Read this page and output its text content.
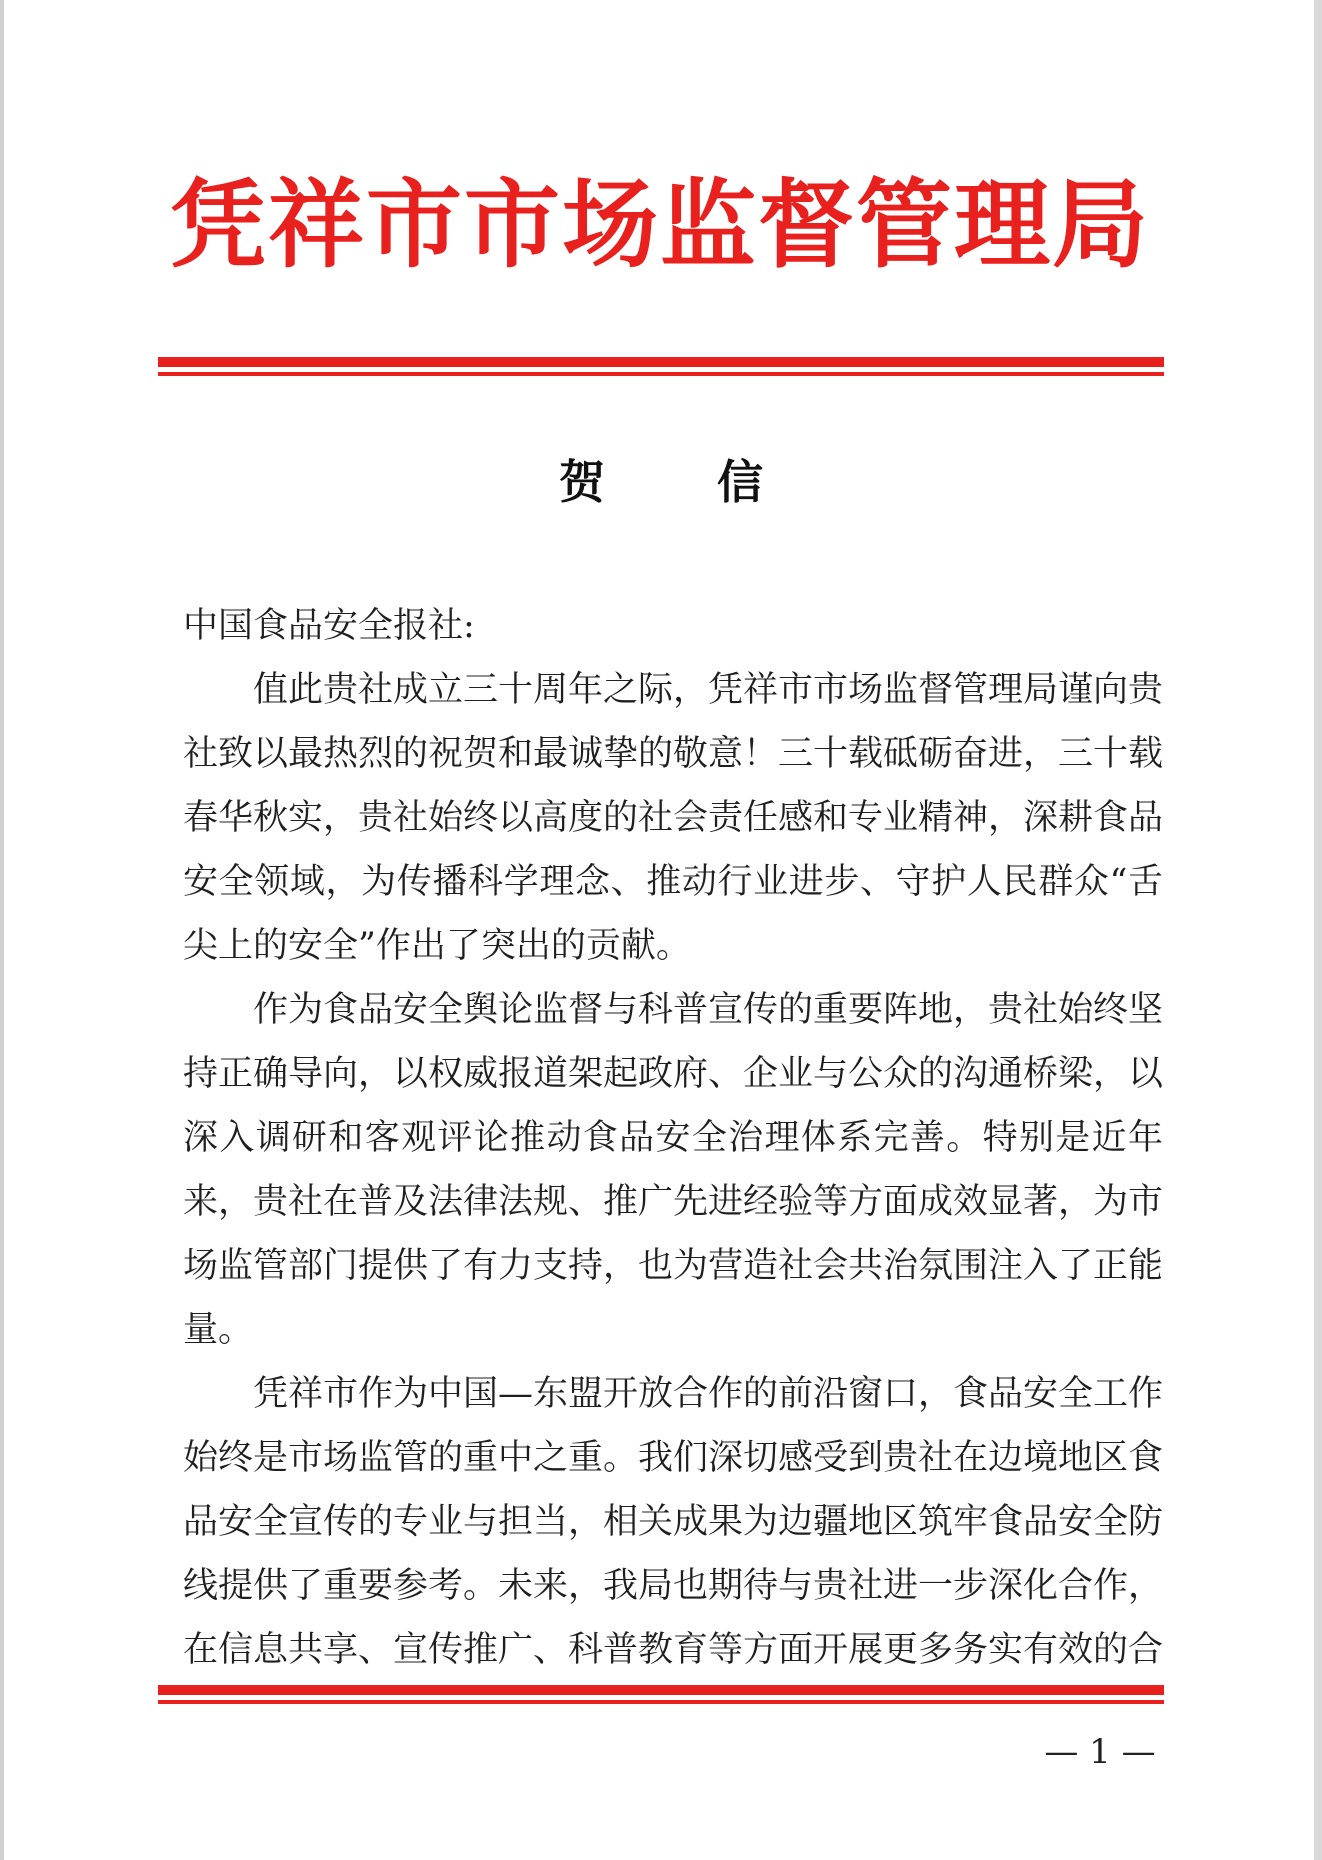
凭祥市市场监督管理局
贺 信

中国食品安全报社:

值此贵社成立三十周年之际，凭祥市市场监督管理局谨向贵社致以最热烈的祝贺和最诚挚的敬意！三十载砥砺奋进，三十载春华秋实，贵社始终以高度的社会责任感和专业精神，深耕食品安全领域，为传播科学理念、推动行业进步、守护人民群众“舌尖上的安全”作出了突出的贡献。

作为食品安全舆论监督与科普宣传的重要阵地，贵社始终坚持正确导向，以权威报道架起政府、企业与公众的沟通桥梁，以深入调研和客观评论推动食品安全治理体系完善。特别是近年来，贵社在普及法律法规、推广先进经验等方面成效显著，为市场监管部门提供了有力支持，也为营造社会共治氛围注入了正能量。

凭祥市作为中国—东盟开放合作的前沿窗口，食品安全工作始终是市场监管的重中之重。我们深切感受到贵社在边境地区食品安全宣传的专业与担当，相关成果为边疆地区筑牢食品安全防线提供了重要参考。未来，我局也期待与贵社进一步深化合作，在信息共享、宣传推广、科普教育等方面开展更多务实有效的合

— 1 —
